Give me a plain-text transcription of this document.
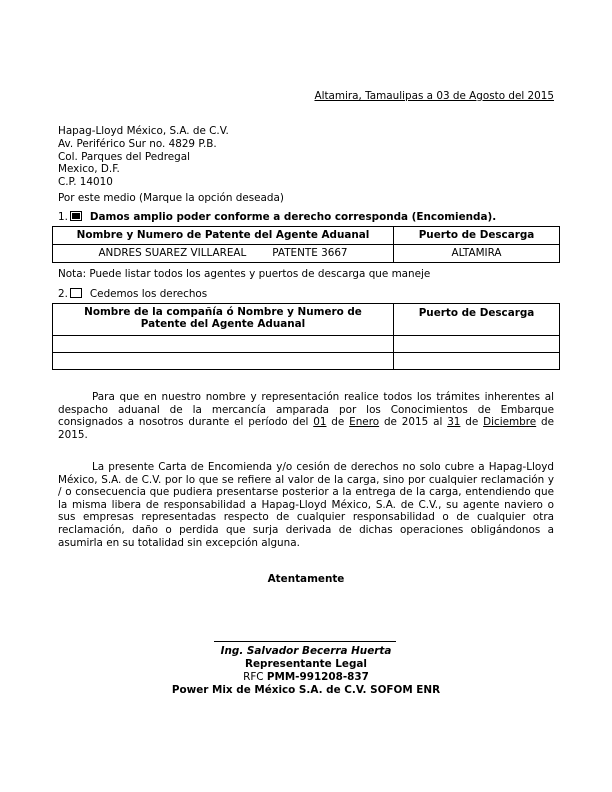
Altamira, Tamaulipas a 03 de Agosto del 2015
Hapag-Lloyd México, S.A. de C.V.
Av. Periférico Sur no. 4829 P.B.
Col. Parques del Pedregal
Mexico, D.F.
C.P. 14010
Por este medio (Marque la opción deseada)
1. Damos amplio poder conforme a derecho corresponda (Encomienda).
Nombre y Numero de Patente del Agente Aduanal	Puerto de Descarga
ANDRES SUAREZ VILLAREAL PATENTE 3667	ALTAMIRA
Nota: Puede listar todos los agentes y puertos de descarga que maneje
2. Cedemos los derechos
Nombre de la compañía ó Nombre y Numero de
Patente del Agente Aduanal	Puerto de Descarga

Para que en nuestro nombre y representación realice todos los trámites inherentes al despacho aduanal de la mercancía amparada por los Conocimientos de Embarque consignados a nosotros durante el período del 01 de Enero de 2015 al 31 de Diciembre de 2015.
La presente Carta de Encomienda y/o cesión de derechos no solo cubre a Hapag-Lloyd México, S.A. de C.V. por lo que se refiere al valor de la carga, sino por cualquier reclamación y / o consecuencia que pudiera presentarse posterior a la entrega de la carga, entendiendo que la misma libera de responsabilidad a Hapag-Lloyd México, S.A. de C.V., su agente naviero o sus empresas representadas respecto de cualquier responsabilidad o de cualquier otra reclamación, daño o perdida que surja derivada de dichas operaciones obligándonos a asumirla en su totalidad sin excepción alguna.
Atentamente
Ing. Salvador Becerra Huerta
Representante Legal
RFC PMM-991208-837
Power Mix de México S.A. de C.V. SOFOM ENR
